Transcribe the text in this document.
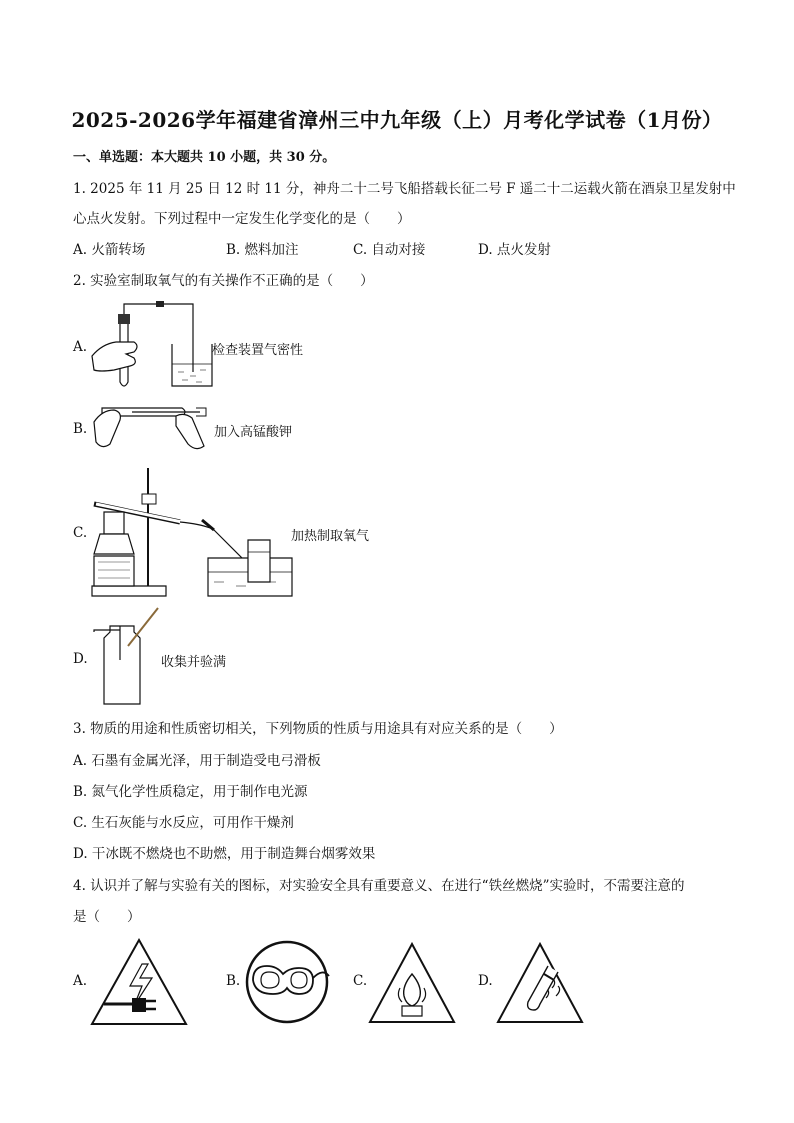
2025-2026学年福建省漳州三中九年级（上）月考化学试卷（1月份）
一、单选题：本大题共 10 小题，共 30 分。
1. 2025 年 11 月 25 日 12 时 11 分，神舟二十二号飞船搭载长征二号 F 遥二十二运载火箭在酒泉卫星发射中
心点火发射。下列过程中一定发生化学变化的是（　　）
A. 火箭转场	B. 燃料加注	C. 自动对接	D. 点火发射
2. 实验室制取氧气的有关操作不正确的是（　　）
A.	检查装置气密性
B.	加入高锰酸钾
C.	加热制取氧气
D.	收集并验满
3. 物质的用途和性质密切相关，下列物质的性质与用途具有对应关系的是（　　）
A. 石墨有金属光泽，用于制造受电弓滑板
B. 氮气化学性质稳定，用于制作电光源
C. 生石灰能与水反应，可用作干燥剂
D. 干冰既不燃烧也不助燃，用于制造舞台烟雾效果
4. 认识并了解与实验有关的图标，对实验安全具有重要意义、在进行“铁丝燃烧”实验时，不需要注意的
是（　　）
A.	B.	C.	D.
